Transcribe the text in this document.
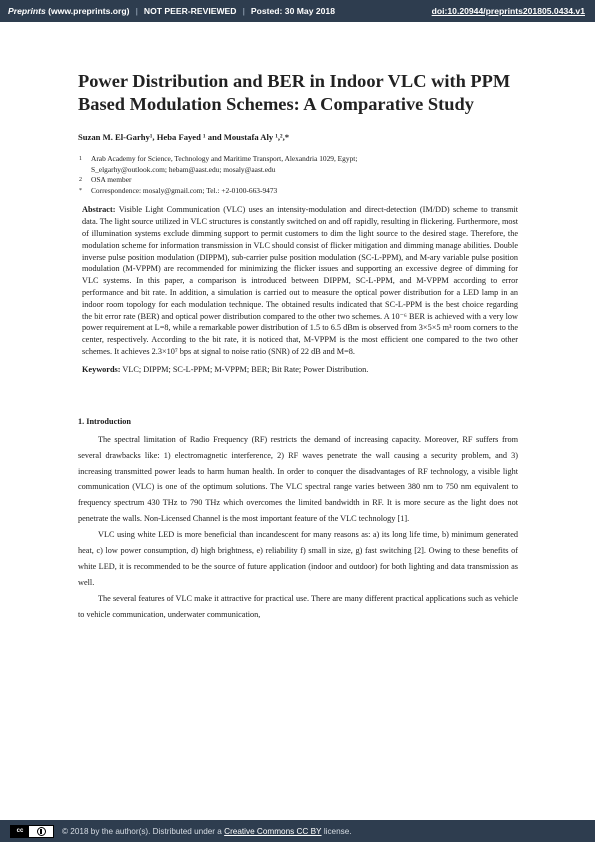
Preprints (www.preprints.org) | NOT PEER-REVIEWED | Posted: 30 May 2018	doi:10.20944/preprints201805.0434.v1
Power Distribution and BER in Indoor VLC with PPM Based Modulation Schemes: A Comparative Study
Suzan M. El-Garhy¹, Heba Fayed ¹ and Moustafa Aly ¹,²,*
1	Arab Academy for Science, Technology and Maritime Transport, Alexandria 1029, Egypt;
S_elgarhy@outlook.com; hebam@aast.edu; mosaly@aast.edu
2	OSA member
*	Correspondence: mosaly@gmail.com; Tel.: +2-0100-663-9473
Abstract: Visible Light Communication (VLC) uses an intensity-modulation and direct-detection (IM/DD) scheme to transmit data. The light source utilized in VLC structures is constantly switched on and off rapidly, resulting in flickering. Furthermore, most of illumination systems exclude dimming support to permit customers to dim the light source to the desired stage. Therefore, the modulation scheme for information transmission in VLC should consist of flicker mitigation and dimming manage abilities. Double inverse pulse position modulation (DIPPM), sub-carrier pulse position modulation (SC-L-PPM), and M-ary variable pulse position modulation (M-VPPM) are recommended for minimizing the flicker issues and supporting an excessive degree of dimming for VLC systems. In this paper, a comparison is introduced between DIPPM, SC-L-PPM, and M-VPPM according to error performance and bit rate. In addition, a simulation is carried out to measure the optical power distribution for a LED lamp in an indoor room topology for each modulation technique. The obtained results indicated that SC-L-PPM is the best choice regarding the bit error rate (BER) and optical power distribution compared to the other two schemes. A 10⁻⁶ BER is achieved with a very low power requirement at L=8, while a remarkable power distribution of 1.5 to 6.5 dBm is observed from 3×5×5 m³ room corners to the center, respectively. According to the bit rate, it is noticed that, M-VPPM is the most efficient one compared to the two other schemes. It achieves 2.3×10⁷ bps at signal to noise ratio (SNR) of 22 dB and M=8.
Keywords: VLC; DIPPM; SC-L-PPM; M-VPPM; BER; Bit Rate; Power Distribution.
1. Introduction

The spectral limitation of Radio Frequency (RF) restricts the demand of increasing capacity. Moreover, RF suffers from several drawbacks like: 1) electromagnetic interference, 2) RF waves penetrate the wall causing a security problem, and 3) increasing transmitted power leads to harm human health. In order to conquer the disadvantages of RF technology, a visible light communication (VLC) is one of the optimum solutions. The VLC spectral range varies between 380 nm to 750 nm equivalent to frequency spectrum 430 THz to 790 THz which overcomes the limited bandwidth in RF. It is more secure as the light does not penetrate the walls. Non-Licensed Channel is the most important feature of the VLC technology [1].

VLC using white LED is more beneficial than incandescent for many reasons as: a) its long life time, b) minimum generated heat, c) low power consumption, d) high brightness, e) reliability f) small in size, g) fast switching [2]. Owing to these benefits of white LED, it is recommended to be the source of future application (indoor and outdoor) for both lighting and data transmission as well.

The several features of VLC make it attractive for practical use. There are many different practical applications such as vehicle to vehicle communication, underwater communication,

cc	© 2018 by the author(s). Distributed under a
Creative Commons CC BY
license.
